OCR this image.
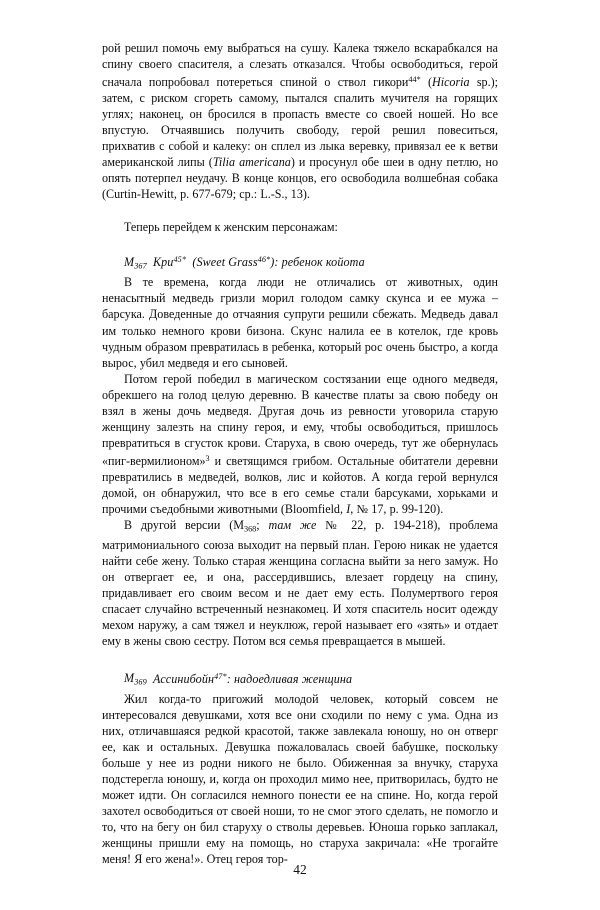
рой решил помочь ему выбраться на сушу. Калека тяжело вскарабкался на спину своего спасителя, а слезать отказался. Чтобы освободиться, герой сначала попробовал потереться спиной о ствол гикори$^{44*}$ (Hicoria sp.); затем, с риском сгореть самому, пытался спалить мучителя на горящих углях; наконец, он бросился в пропасть вместе со своей ношей. Но все впустую. Отчаявшись получить свободу, герой решил повеситься, прихватив с собой и калеку: он сплел из лыка веревку, привязал ее к ветви американской липы (Tilia americana) и просунул обе шеи в одну петлю, но опять потерпел неудачу. В конце концов, его освободила волшебная собака (Curtin-Hewitt, p. 677-679; ср.: L.-S., 13).

Теперь перейдем к женским персонажам:

$M_{367}$ Кри$^{45*}$ (Sweet Grass$^{46*}$): ребенок койота

В те времена, когда люди не отличались от животных, один ненасытный медведь гризли морил голодом самку скунса и ее мужа – барсука. Доведенные до отчаяния супруги решили сбежать. Медведь давал им только немного крови бизона. Скунс налила ее в котелок, где кровь чудным образом превратилась в ребенка, который рос очень быстро, а когда вырос, убил медведя и его сыновей.

Потом герой победил в магическом состязании еще одного медведя, обрекшего на голод целую деревню. В качестве платы за свою победу он взял в жены дочь медведя. Другая дочь из ревности уговорила старую женщину залезть на спину героя, и ему, чтобы освободиться, пришлось превратиться в сгусток крови. Старуха, в свою очередь, тут же обернулась «пиг-вермилионом»$^3$ и светящимся грибом. Остальные обитатели деревни превратились в медведей, волков, лис и койотов. А когда герой вернулся домой, он обнаружил, что все в его семье стали барсуками, хорьками и прочими съедобными животными (Bloomfield, I, № 17, p. 99-120).

В другой версии ($M_{368}$; там же № 22, p. 194-218), проблема матримониального союза выходит на первый план. Герою никак не удается найти себе жену. Только старая женщина согласна выйти за него замуж. Но он отвергает ее, и она, рассердившись, влезает гордецу на спину, придавливает его своим весом и не дает ему есть. Полумертвого героя спасает случайно встреченный незнакомец. И хотя спаситель носит одежду мехом наружу, а сам тяжел и неуклюж, герой называет его «зять» и отдает ему в жены свою сестру. Потом вся семья превращается в мышей.

$M_{369}$ Ассинибойн$^{47*}$: надоедливая женщина

Жил когда-то пригожий молодой человек, который совсем не интересовался девушками, хотя все они сходили по нему с ума. Одна из них, отличавшаяся редкой красотой, также завлекала юношу, но он отверг ее, как и остальных. Девушка пожаловалась своей бабушке, поскольку больше у нее из родни никого не было. Обиженная за внучку, старуха подстерегла юношу, и, когда он проходил мимо нее, притворилась, будто не может идти. Он согласился немного понести ее на спине. Но, когда герой захотел освободиться от своей ноши, то не смог этого сделать, не помогло и то, что на бегу он бил старуху о стволы деревьев. Юноша горько заплакал, женщины пришли ему на помощь, но старуха закричала: «Не трогайте меня! Я его жена!». Отец героя тор-

42
